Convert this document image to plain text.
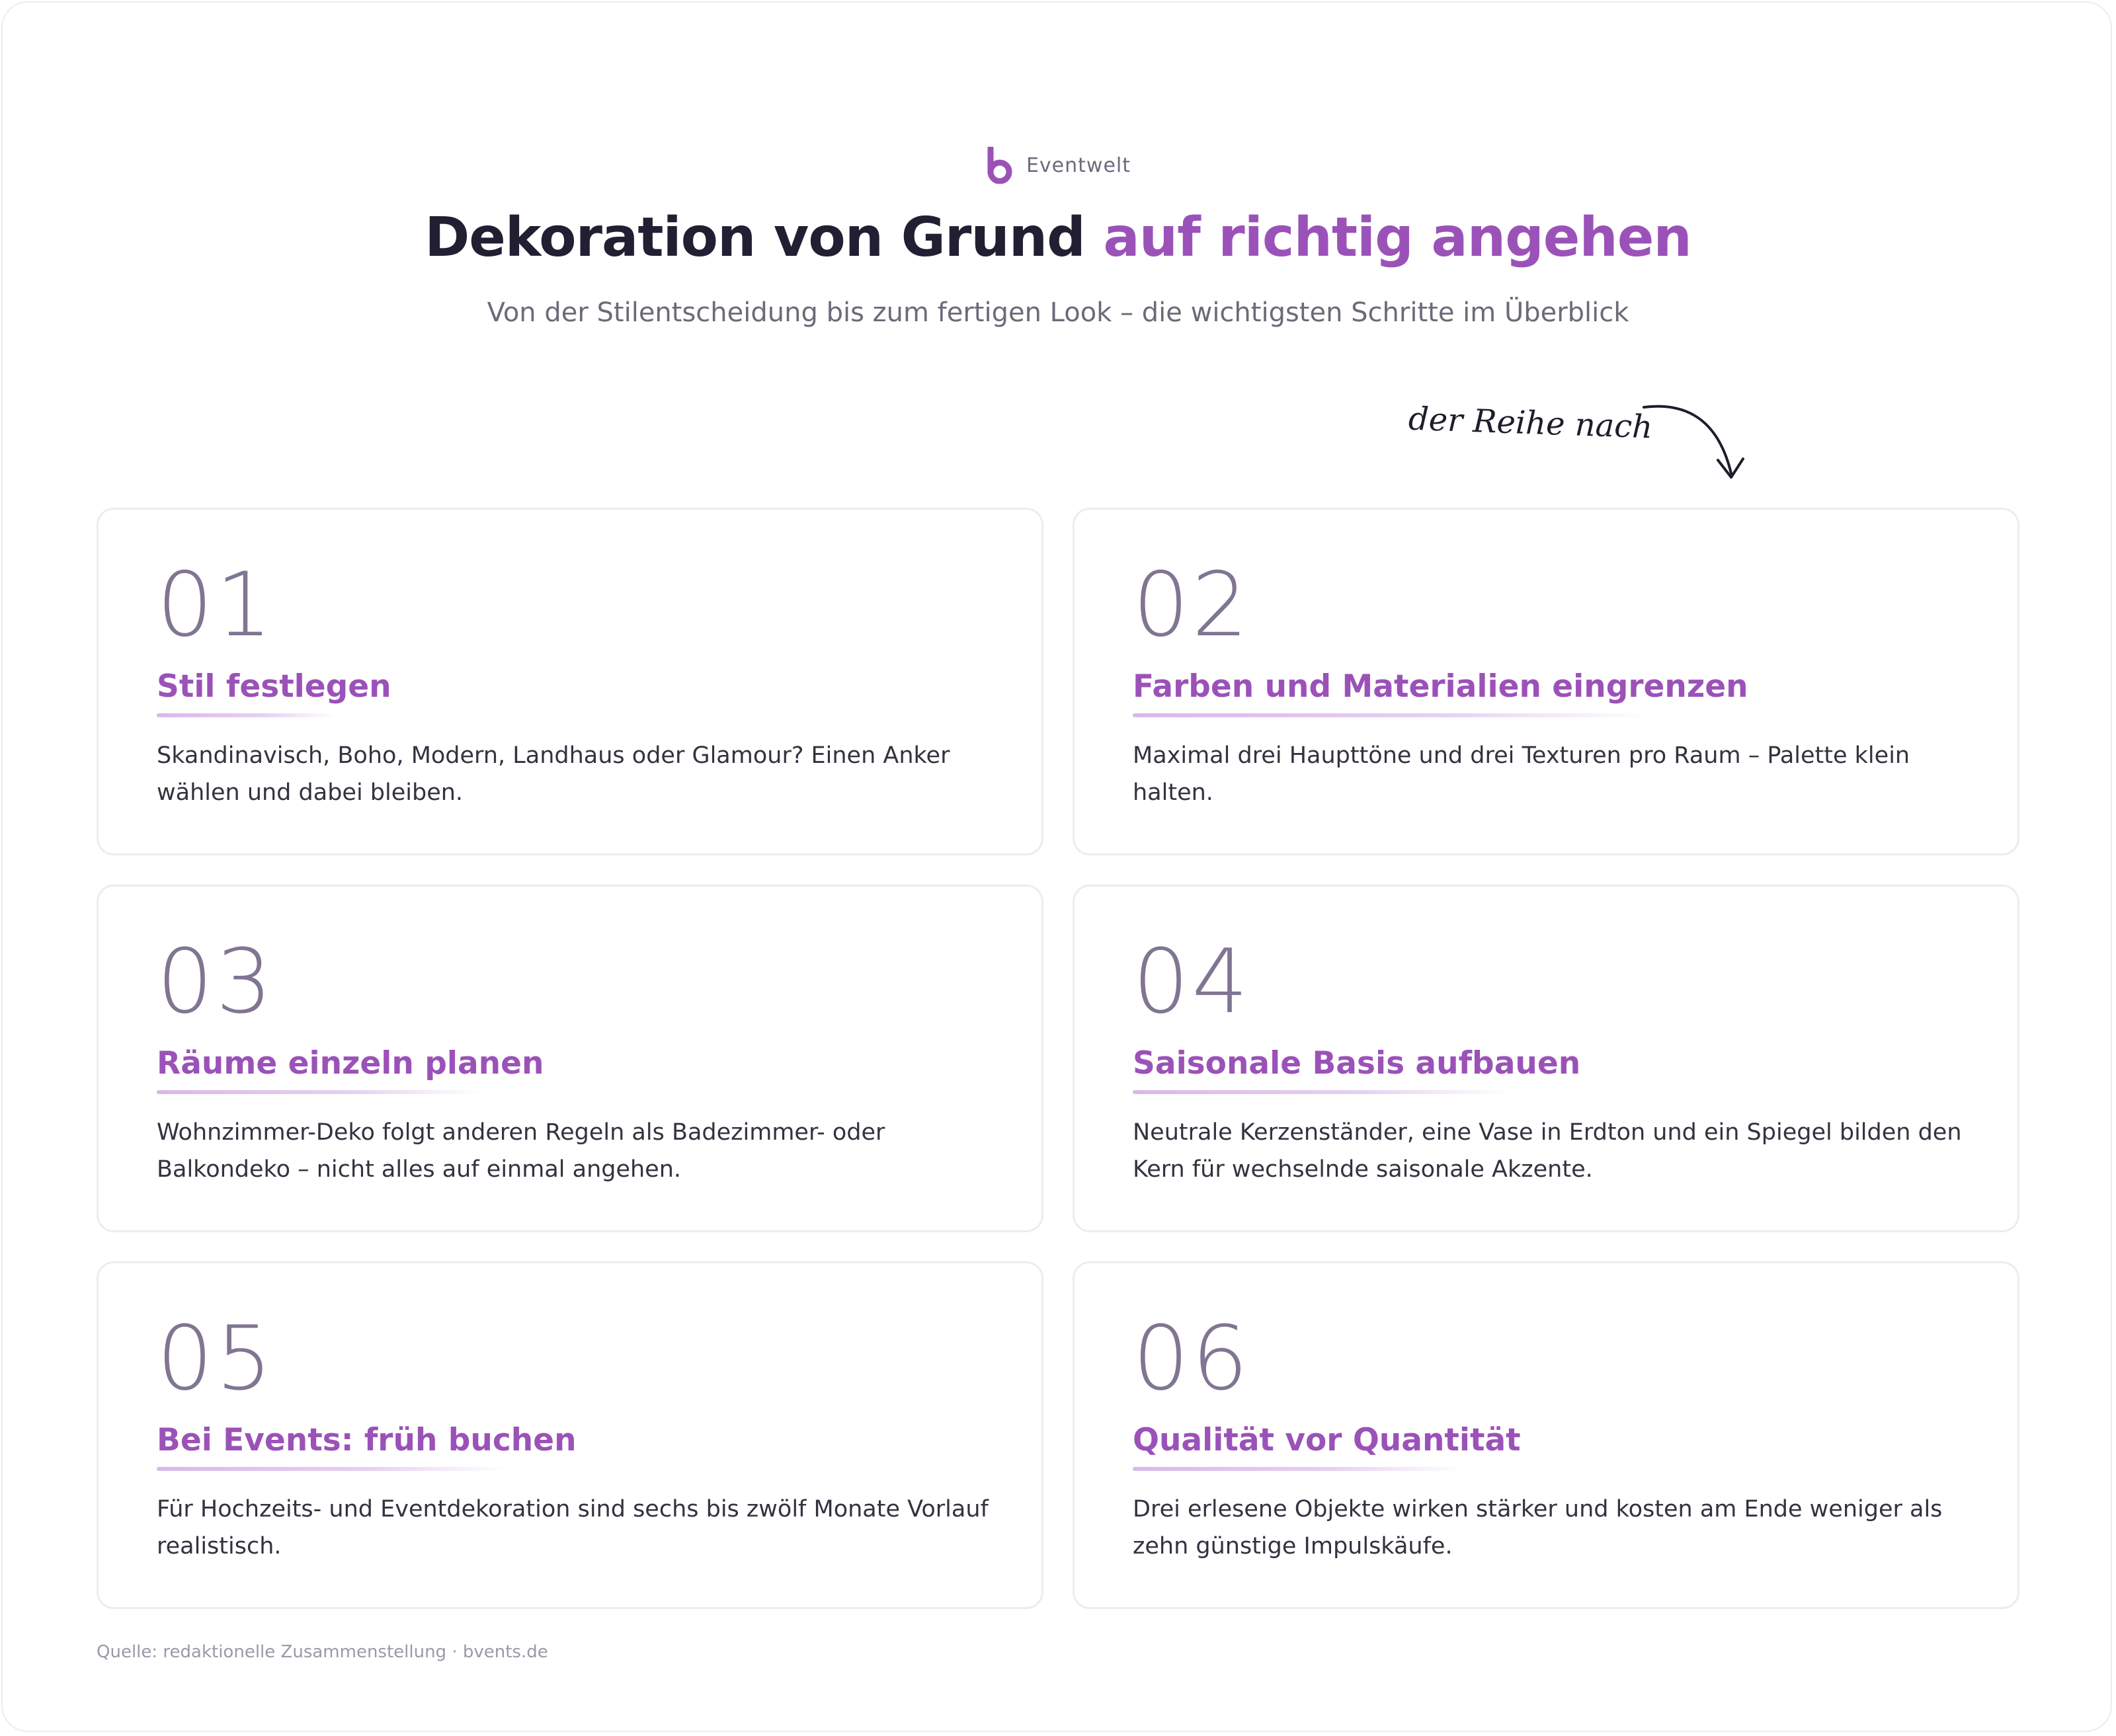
Eventwelt
Dekoration von Grund auf richtig angehen

Von der Stilentscheidung bis zum fertigen Look – die wichtigsten Schritte im Überblick

der Reihe nach
01
Stil festlegen

Skandinavisch, Boho, Modern, Landhaus oder Glamour? Einen Anker wählen und dabei bleiben.

02
Farben und Materialien eingrenzen

Maximal drei Haupttöne und drei Texturen pro Raum – Palette klein halten.

03
Räume einzeln planen

Wohnzimmer-Deko folgt anderen Regeln als Badezimmer- oder Balkondeko – nicht alles auf einmal angehen.

04
Saisonale Basis aufbauen

Neutrale Kerzenständer, eine Vase in Erdton und ein Spiegel bilden den Kern für wechselnde saisonale Akzente.

05
Bei Events: früh buchen

Für Hochzeits- und Eventdekoration sind sechs bis zwölf Monate Vorlauf realistisch.

06
Qualität vor Quantität

Drei erlesene Objekte wirken stärker und kosten am Ende weniger als zehn günstige Impulskäufe.

Quelle: redaktionelle Zusammenstellung · bvents.de
